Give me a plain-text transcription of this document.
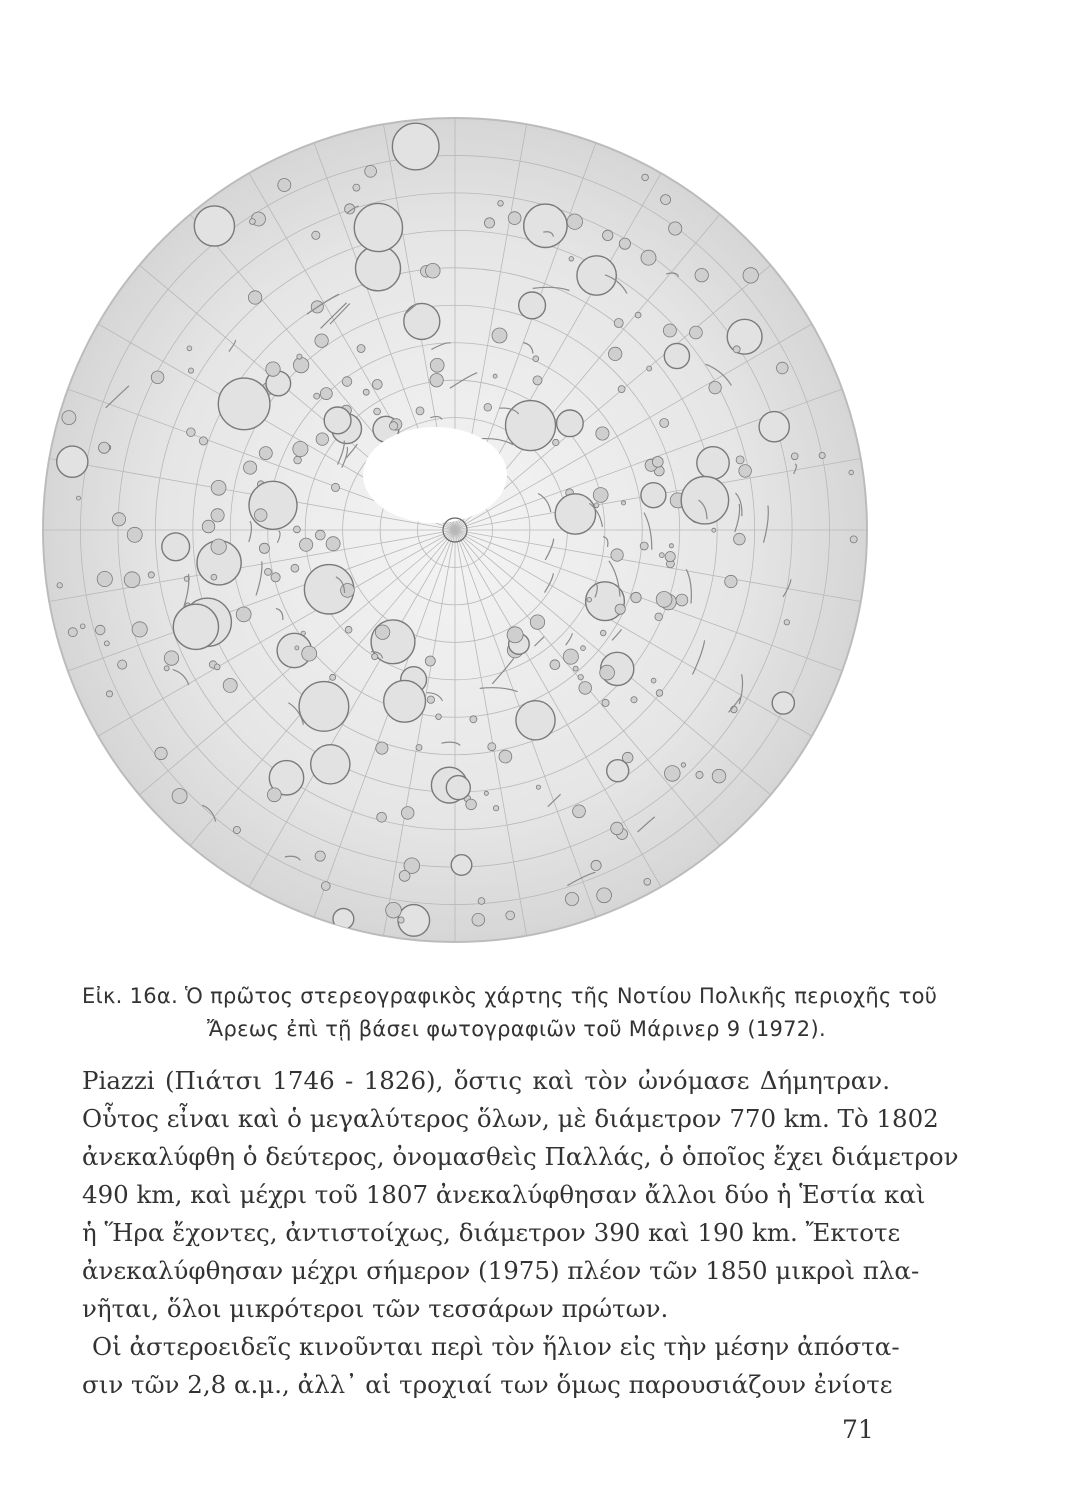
Εἰκ. 16α. Ὁ πρῶτος στερεογραφικὸς χάρτης τῆς Νοτίου Πολικῆς περιοχῆς τοῦ
Ἄρεως ἐπὶ τῇ βάσει φωτογραφιῶν τοῦ Μάρινερ 9 (1972).
Piazzi (Πιάτσι 1746 - 1826), ὅστις καὶ τὸν ὠνόμασε Δήμητραν.
Οὗτος εἶναι καὶ ὁ μεγαλύτερος ὅλων, μὲ διάμετρον 770 km. Τὸ 1802
ἀνεκαλύφθη ὁ δεύτερος, ὀνομασθεὶς Παλλάς, ὁ ὁποῖος ἔχει διάμετρον
490 km, καὶ μέχρι τοῦ 1807 ἀνεκαλύφθησαν ἄλλοι δύο ἡ Ἑστία καὶ
ἡ Ἥρα ἔχοντες, ἀντιστοίχως, διάμετρον 390 καὶ 190 km. Ἔκτοτε
ἀνεκαλύφθησαν μέχρι σήμερον (1975) πλέον τῶν 1850 μικροὶ πλα-
νῆται, ὅλοι μικρότεροι τῶν τεσσάρων πρώτων.
Οἱ ἀστεροειδεῖς κινοῦνται περὶ τὸν ἥλιον εἰς τὴν μέσην ἀπόστα-
σιν τῶν 2,8 α.μ., ἀλλ᾿ αἱ τροχιαί των ὅμως παρουσιάζουν ἐνίοτε
71
